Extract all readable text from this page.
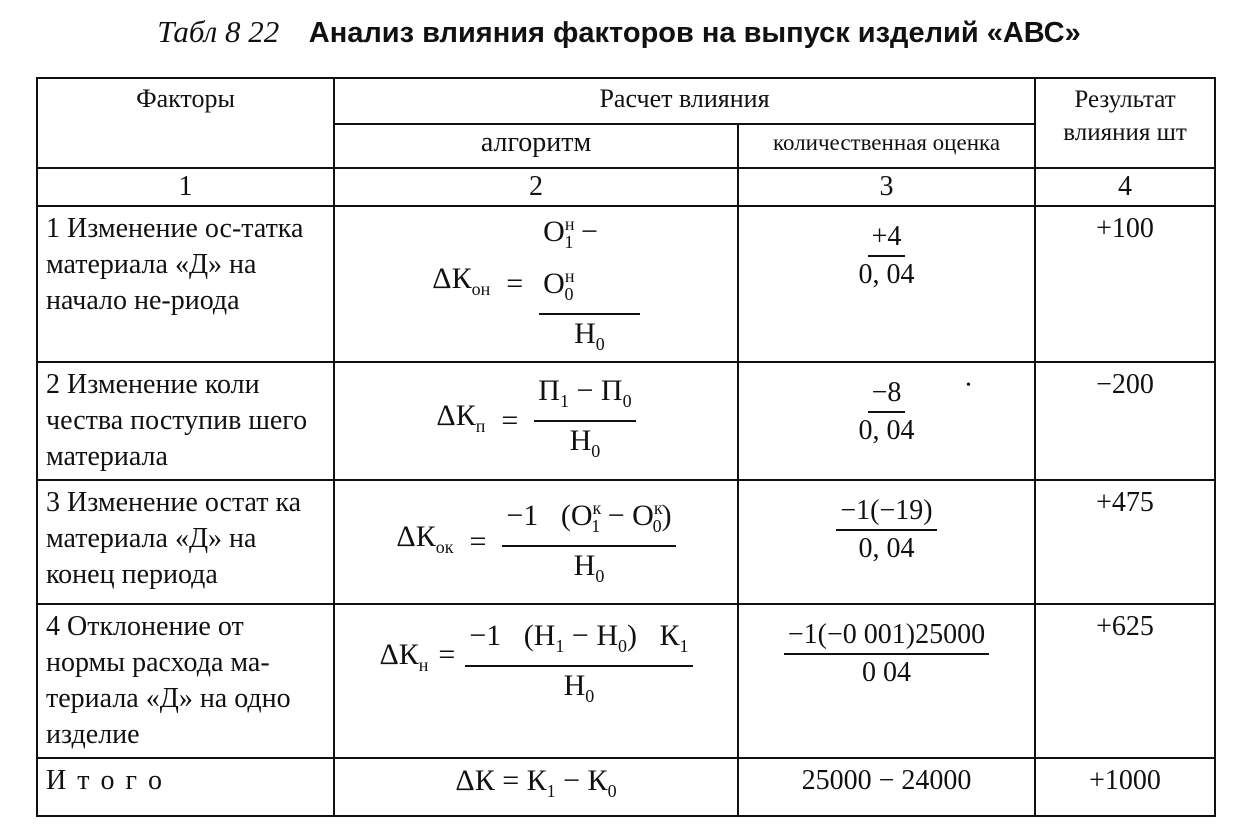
Табл 8 22 Анализ влияния факторов на выпуск изделий «АВС»
Факторы	Расчет влияния		Результат влияния шт
	алгоритм	количественная оценка	
1	2	3	4
1 Изменение ос-татка материала «Д» на начало не-риода	$\Delta К_{он} = \frac{О^н_1 - О^н_0}{Н_0}$	$\frac{+4}{0, 04}$	+100
2 Изменение коли чества поступив шего материала	$\Delta К_п = \frac{П_1 - П_0}{Н_0}$	$\frac{-8}{0, 04}$	−200
3 Изменение остат ка материала «Д» на конец периода	$\Delta К_{ок} = \frac{-1 (О^к_1 - О^к_0)}{Н_0}$	$\frac{-1(-19)}{0, 04}$	+475
4 Отклонение от нормы расхода ма-териала «Д» на одно изделие	$\Delta К_н = \frac{-1 (Н_1 - Н_0) К_1}{Н_0}$	$\frac{-1(-0 001)25000}{0 04}$	+625
И т о г о	$\Delta К = К_1 - К_0$	25000 − 24000	+1000
•
